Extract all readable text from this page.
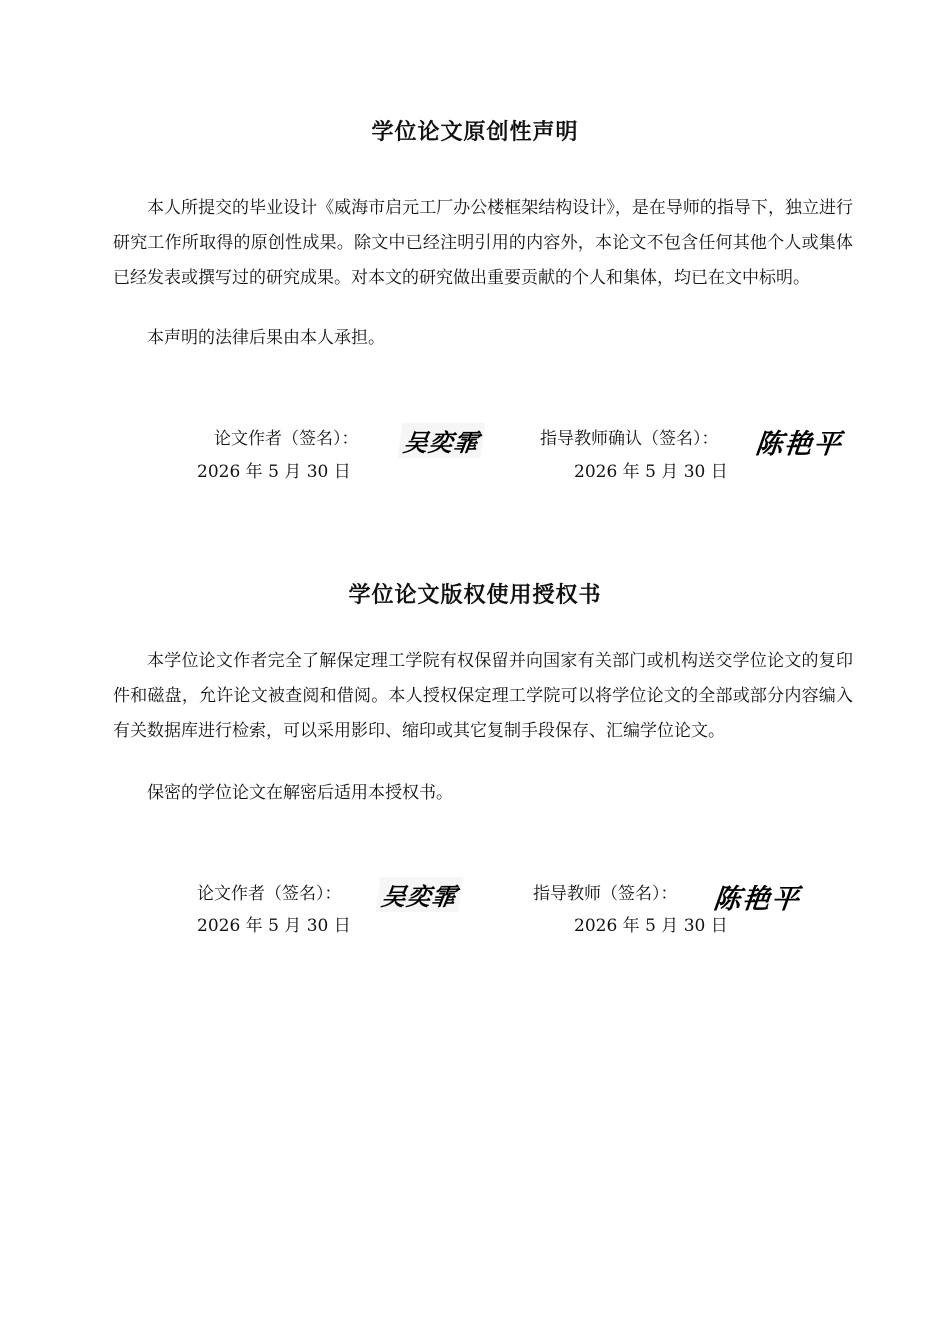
学位论文原创性声明

本人所提交的毕业设计《威海市启元工厂办公楼框架结构设计》，是在导师的指导下，独立进行研究工作所取得的原创性成果。除文中已经注明引用的内容外，本论文不包含任何其他个人或集体已经发表或撰写过的研究成果。对本文的研究做出重要贡献的个人和集体，均已在文中标明。

本声明的法律后果由本人承担。

论文作者（签名）： 吴奕霏	指导教师确认（签名）： 陈艳平
2026 年 5 月 30 日	2026 年 5 月 30 日
学位论文版权使用授权书

本学位论文作者完全了解保定理工学院有权保留并向国家有关部门或机构送交学位论文的复印件和磁盘，允许论文被查阅和借阅。本人授权保定理工学院可以将学位论文的全部或部分内容编入有关数据库进行检索，可以采用影印、缩印或其它复制手段保存、汇编学位论文。

保密的学位论文在解密后适用本授权书。

论文作者（签名）： 吴奕霏	指导教师（签名）： 陈艳平
2026 年 5 月 30 日	2026 年 5 月 30 日
